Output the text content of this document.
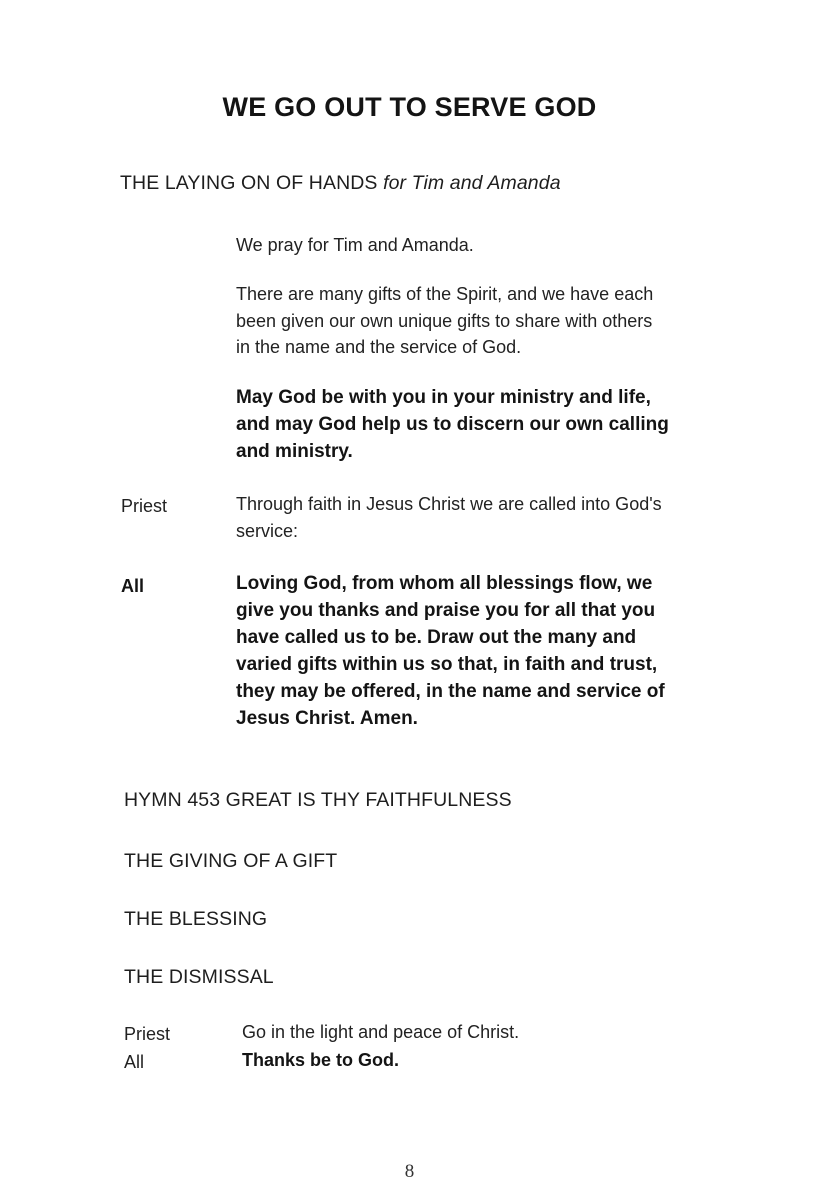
WE GO OUT TO SERVE GOD
THE LAYING ON OF HANDS for Tim and Amanda
We pray for Tim and Amanda.
There are many gifts of the Spirit, and we have each
been given our own unique gifts to share with others
in the name and the service of God.
May God be with you in your ministry and life,
and may God help us to discern our own calling
and ministry.
Priest	Through faith in Jesus Christ we are called into God's
service:
All	Loving God, from whom all blessings flow, we
give you thanks and praise you for all that you
have called us to be. Draw out the many and
varied gifts within us so that, in faith and trust,
they may be offered, in the name and service of
Jesus Christ. Amen.
HYMN 453 GREAT IS THY FAITHFULNESS
THE GIVING OF A GIFT
THE BLESSING
THE DISMISSAL
Priest	Go in the light and peace of Christ.
All	Thanks be to God.
8
